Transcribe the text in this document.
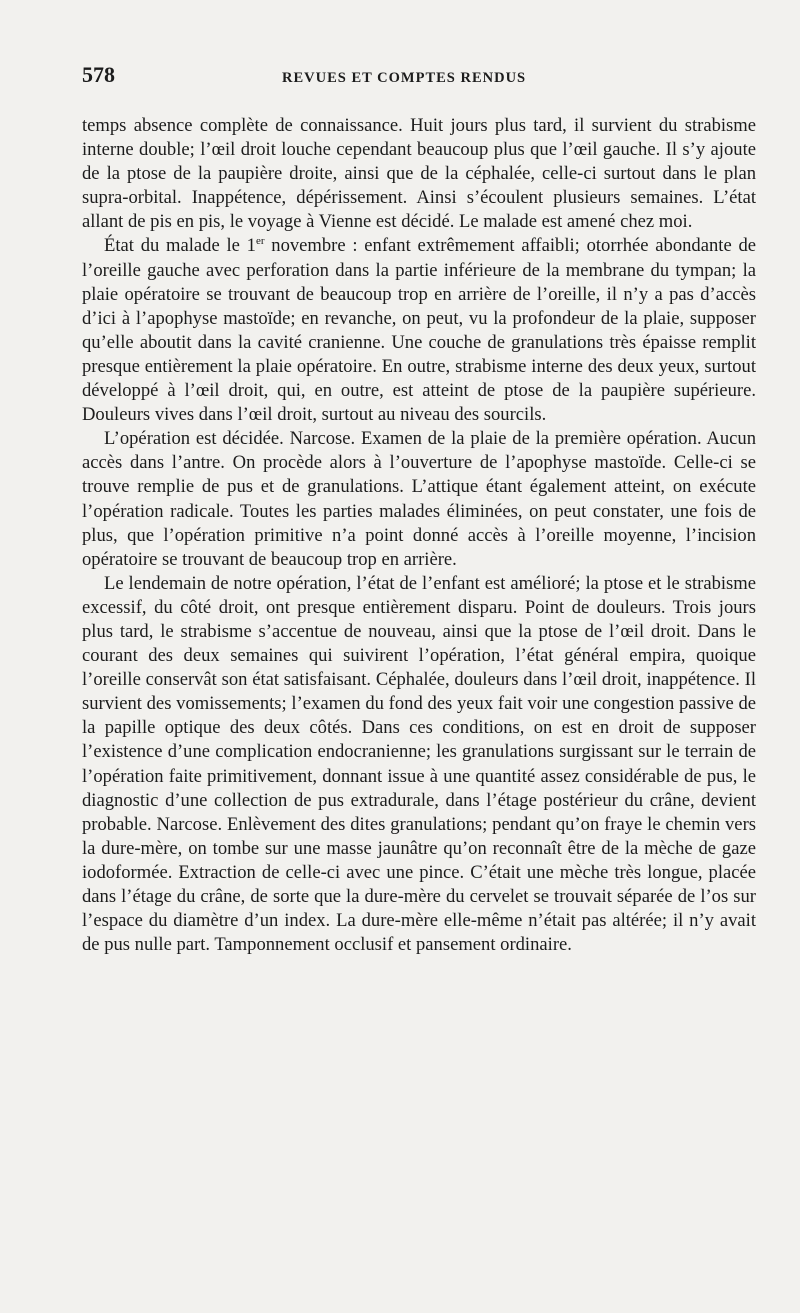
578	REVUES ET COMPTES RENDUS

temps absence complète de connaissance. Huit jours plus tard, il survient du strabisme interne double; l’œil droit louche cependant beaucoup plus que l’œil gauche. Il s’y ajoute de la ptose de la paupière droite, ainsi que de la céphalée, celle-ci surtout dans le plan supra-orbital. Inappétence, dépérissement. Ainsi s’écoulent plusieurs semaines. L’état allant de pis en pis, le voyage à Vienne est décidé. Le malade est amené chez moi.

État du malade le 1er novembre : enfant extrêmement affaibli; otorrhée abondante de l’oreille gauche avec perforation dans la partie inférieure de la membrane du tympan; la plaie opératoire se trouvant de beaucoup trop en arrière de l’oreille, il n’y a pas d’accès d’ici à l’apophyse mastoïde; en revanche, on peut, vu la profondeur de la plaie, supposer qu’elle aboutit dans la cavité cranienne. Une couche de granulations très épaisse remplit presque entièrement la plaie opératoire. En outre, strabisme interne des deux yeux, surtout développé à l’œil droit, qui, en outre, est atteint de ptose de la paupière supérieure. Douleurs vives dans l’œil droit, surtout au niveau des sourcils.

L’opération est décidée. Narcose. Examen de la plaie de la première opération. Aucun accès dans l’antre. On procède alors à l’ouverture de l’apophyse mastoïde. Celle-ci se trouve remplie de pus et de granulations. L’attique étant également atteint, on exécute l’opération radicale. Toutes les parties malades éliminées, on peut constater, une fois de plus, que l’opération primitive n’a point donné accès à l’oreille moyenne, l’incision opératoire se trouvant de beaucoup trop en arrière.

Le lendemain de notre opération, l’état de l’enfant est amélioré; la ptose et le strabisme excessif, du côté droit, ont presque entièrement disparu. Point de douleurs. Trois jours plus tard, le strabisme s’accentue de nouveau, ainsi que la ptose de l’œil droit. Dans le courant des deux semaines qui suivirent l’opération, l’état général empira, quoique l’oreille conservât son état satisfaisant. Céphalée, douleurs dans l’œil droit, inappétence. Il survient des vomissements; l’examen du fond des yeux fait voir une congestion passive de la papille optique des deux côtés. Dans ces conditions, on est en droit de supposer l’existence d’une complication endocranienne; les granulations surgissant sur le terrain de l’opération faite primitivement, donnant issue à une quantité assez considérable de pus, le diagnostic d’une collection de pus extradurale, dans l’étage postérieur du crâne, devient probable. Narcose. Enlèvement des dites granulations; pendant qu’on fraye le chemin vers la dure-mère, on tombe sur une masse jaunâtre qu’on reconnaît être de la mèche de gaze iodoformée. Extraction de celle-ci avec une pince. C’était une mèche très longue, placée dans l’étage du crâne, de sorte que la dure-mère du cervelet se trouvait séparée de l’os sur l’espace du diamètre d’un index. La dure-mère elle-même n’était pas altérée; il n’y avait de pus nulle part. Tamponnement occlusif et pansement ordinaire.
